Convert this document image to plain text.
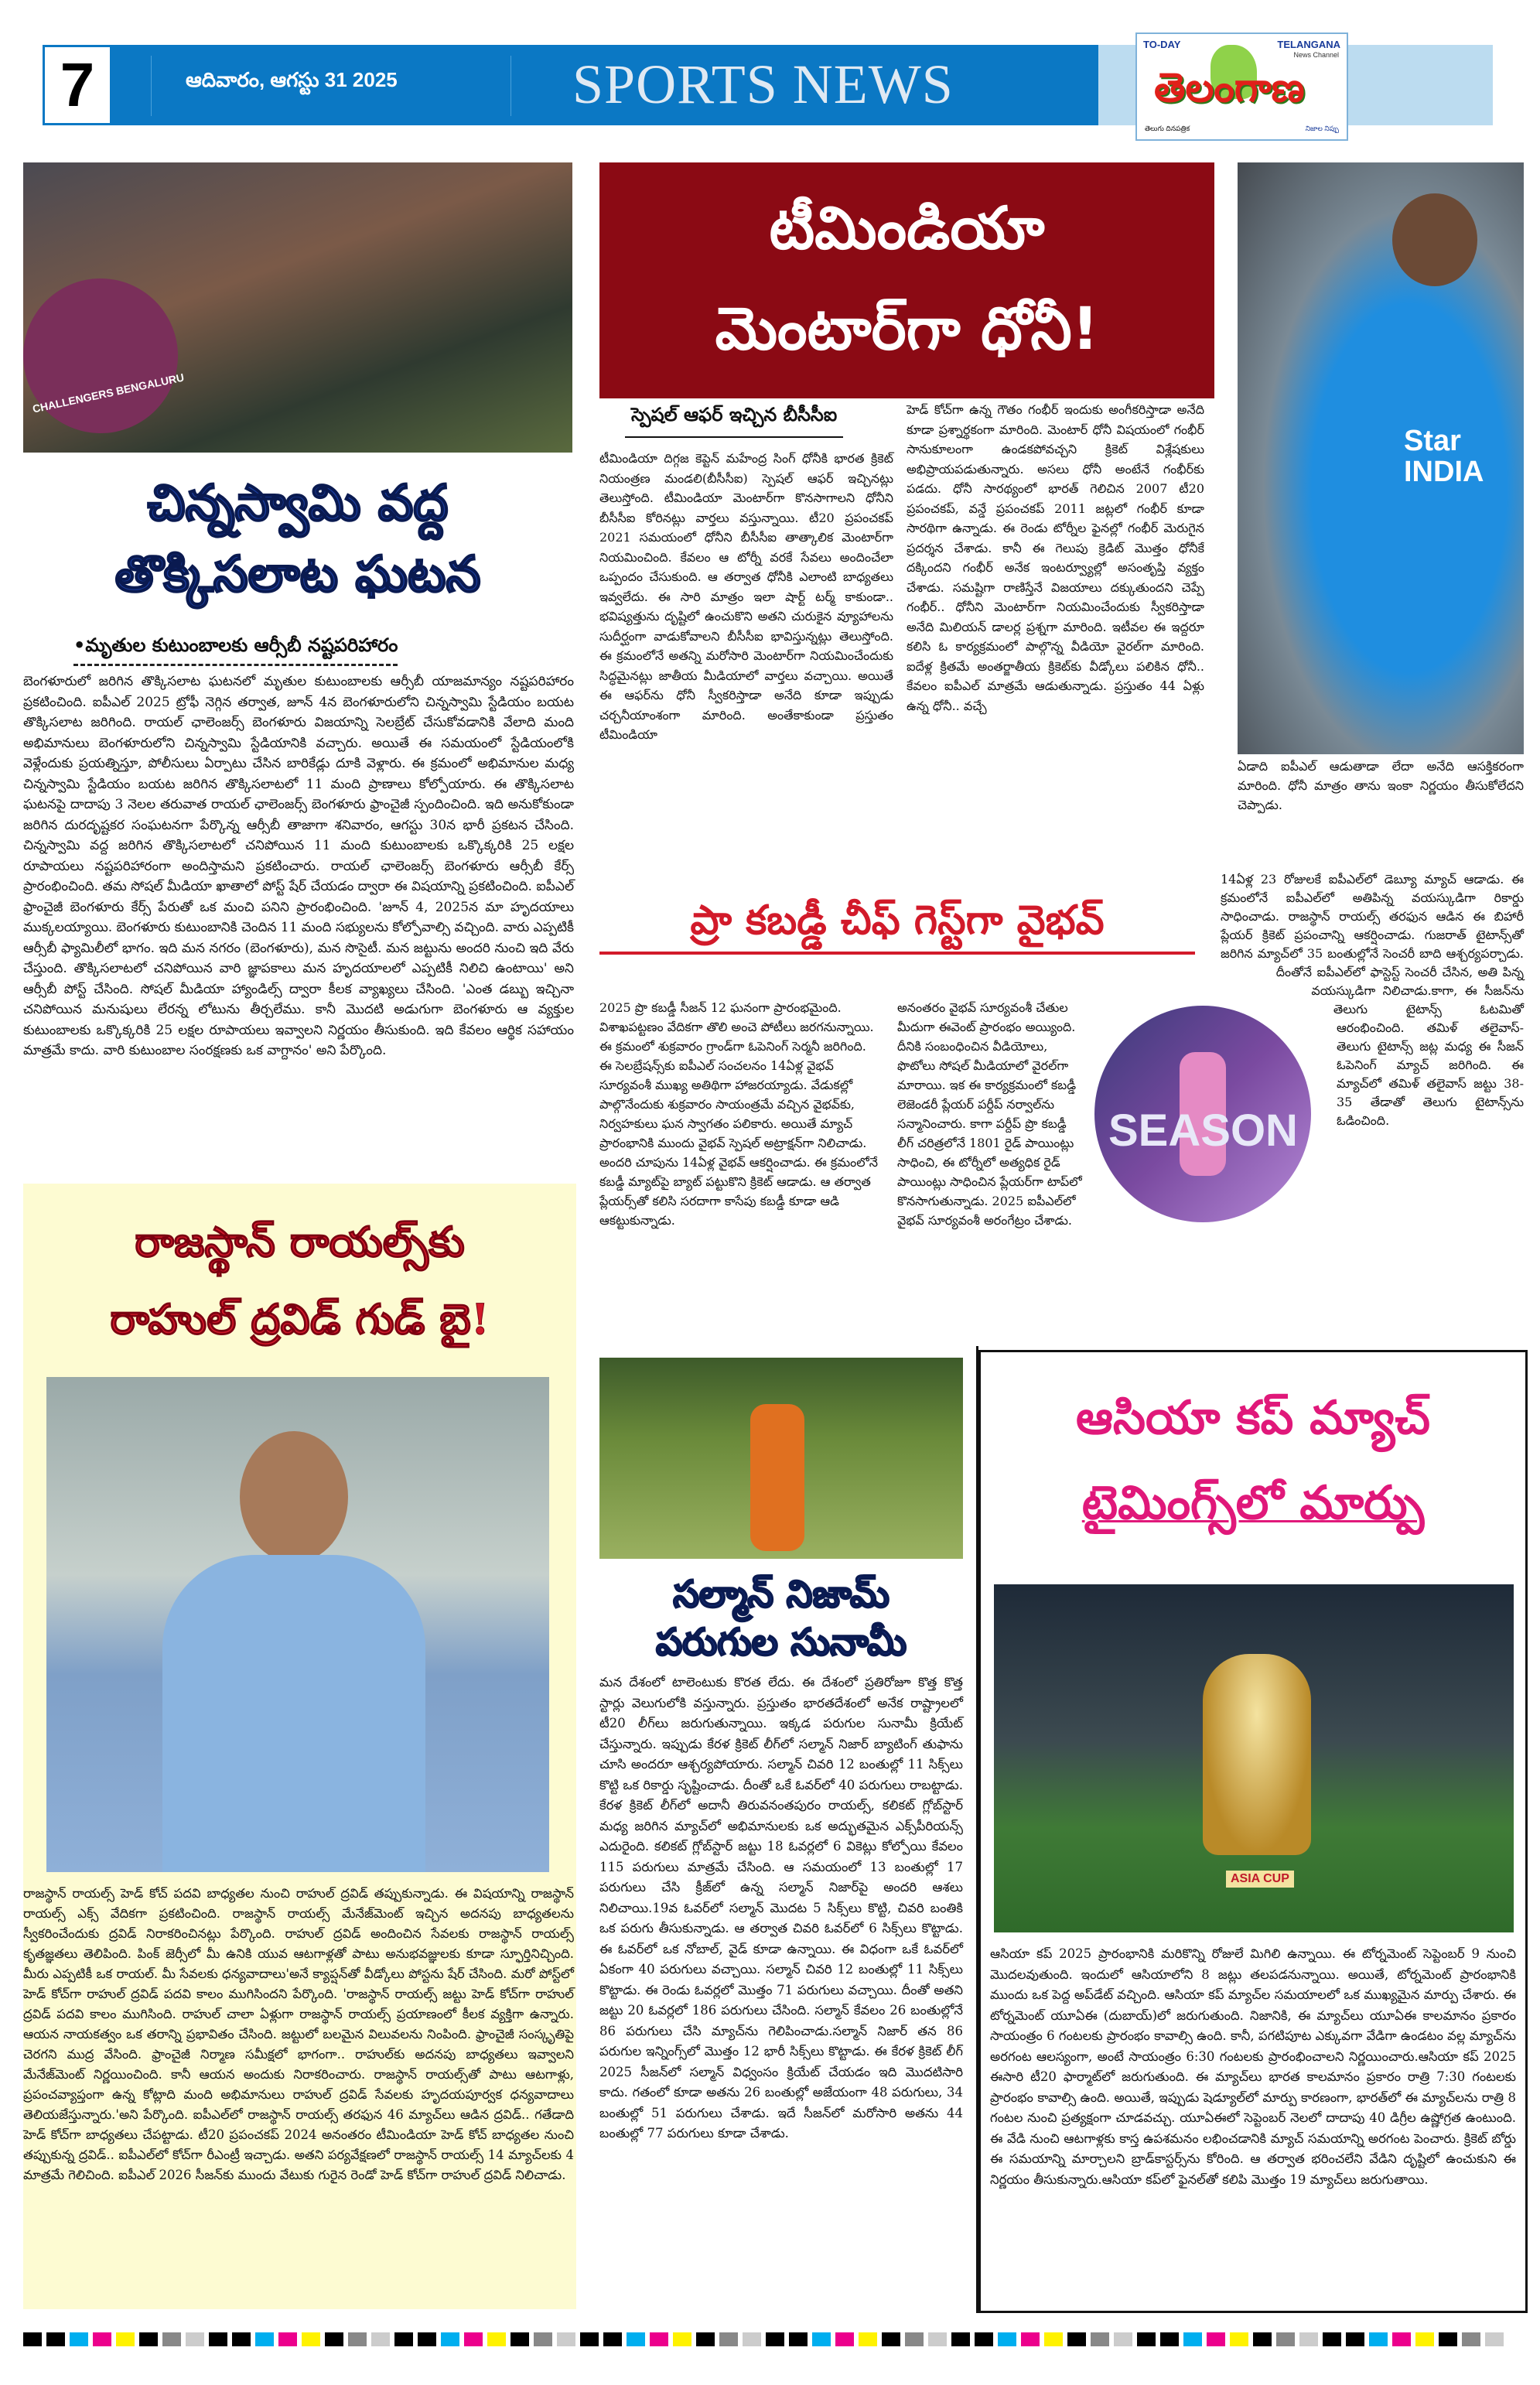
7	ఆదివారం, ఆగస్టు 31 2025	SPORTS NEWS
TO-DAY	TELANGANA
News Channel
తెలంగాణ
తెలుగు దినపత్రిక	నిజాల నిప్పు
CHALLENGERS BENGALURU
చిన్నస్వామి వద్ద
తొక్కిసలాట ఘటన
•మృతుల కుటుంబాలకు ఆర్సీబీ నష్టపరిహారం
బెంగళూరులో జరిగిన తొక్కిసలాట ఘటనలో మృతుల కుటుంబాలకు ఆర్సీబీ యాజమాన్యం నష్టపరిహారం ప్రకటించింది. ఐపీఎల్ 2025 ట్రోఫీ నెగ్గిన తర్వాత, జూన్ 4న బెంగళూరులోని చిన్నస్వామి స్టేడియం బయట తొక్కిసలాట జరిగింది. రాయల్ ఛాలెంజర్స్ బెంగళూరు విజయాన్ని సెలబ్రేట్ చేసుకోవడానికి వేలాది మంది అభిమానులు బెంగళూరులోని చిన్నస్వామి స్టేడియానికి వచ్చారు. అయితే ఈ సమయంలో స్టేడియంలోకి వెళ్లేందుకు ప్రయత్నిస్తూ, పోలీసులు ఏర్పాటు చేసిన బారికేడ్లు దూకి వెళ్లారు. ఈ క్రమంలో అభిమానుల మధ్య చిన్నస్వామి స్టేడియం బయట జరిగిన తొక్కిసలాటలో 11 మంది ప్రాణాలు కోల్పోయారు. ఈ తొక్కిసలాట ఘటనపై దాదాపు 3 నెలల తరువాత రాయల్ ఛాలెంజర్స్ బెంగళూరు ఫ్రాంచైజీ స్పందించింది. ఇది అనుకోకుండా జరిగిన దురదృష్టకర సంఘటనగా పేర్కొన్న ఆర్సీబీ తాజాగా శనివారం, ఆగస్టు 30న భారీ ప్రకటన చేసింది. చిన్నస్వామి వద్ద జరిగిన తొక్కిసలాటలో చనిపోయిన 11 మంది కుటుంబాలకు ఒక్కొక్కరికి 25 లక్షల రూపాయలు నష్టపరిహారంగా అందిస్తామని ప్రకటించారు. రాయల్ ఛాలెంజర్స్ బెంగళూరు ఆర్సీబీ కేర్స్ ప్రారంభించింది. తమ సోషల్ మీడియా ఖాతాలో పోస్ట్ షేర్ చేయడం ద్వారా ఈ విషయాన్ని ప్రకటించింది. ఐపీఎల్ ఫ్రాంచైజీ బెంగళూరు కేర్స్ పేరుతో ఒక మంచి పనిని ప్రారంభించింది. 'జూన్ 4, 2025న మా హృదయాలు ముక్కలయ్యాయి. బెంగళూరు కుటుంబానికి చెందిన 11 మంది సభ్యులను కోల్పోవాల్సి వచ్చింది. వారు ఎప్పటికీ ఆర్సీబీ ఫ్యామిలీలో భాగం. ఇది మన నగరం (బెంగళూరు), మన సొసైటీ. మన జట్టును అందరి నుంచి ఇది వేరు చేస్తుంది. తొక్కిసలాటలో చనిపోయిన వారి జ్ఞాపకాలు మన హృదయాలలో ఎప్పటికీ నిలిచి ఉంటాయి' అని ఆర్సీబీ పోస్ట్ చేసింది. సోషల్ మీడియా హ్యాండిల్స్ ద్వారా కీలక వ్యాఖ్యలు చేసింది. 'ఎంత డబ్బు ఇచ్చినా చనిపోయిన మనుషులు లేరన్న లోటును తీర్చలేము. కానీ మొదటి అడుగుగా బెంగళూరు ఆ వ్యక్తుల కుటుంబాలకు ఒక్కొక్కరికి 25 లక్షల రూపాయలు ఇవ్వాలని నిర్ణయం తీసుకుంది. ఇది కేవలం ఆర్థిక సహాయం మాత్రమే కాదు. వారి కుటుంబాల సంరక్షణకు ఒక వాగ్దానం' అని పేర్కొంది.
టీమిండియా
మెంటార్‌గా ధోనీ!
స్పెషల్ ఆఫర్ ఇచ్చిన బీసీసీఐ
టీమిండియా దిగ్గజ కెప్టెన్ మహేంద్ర సింగ్ ధోనీకి భారత క్రికెట్ నియంత్రణ మండలి(బీసీసీఐ) స్పెషల్ ఆఫర్ ఇచ్చినట్లు తెలుస్తోంది. టీమిండియా మెంటార్‌గా కొనసాగాలని ధోనీని బీసీసీఐ కోరినట్లు వార్తలు వస్తున్నాయి. టీ20 ప్రపంచకప్ 2021 సమయంలో ధోనీని బీసీసీఐ తాత్కాలిక మెంటార్‌గా నియమించింది. కేవలం ఆ టోర్నీ వరకే సేవలు అందించేలా ఒప్పందం చేసుకుంది. ఆ తర్వాత ధోనీకి ఎలాంటి బాధ్యతలు ఇవ్వలేదు. ఈ సారి మాత్రం ఇలా షార్ట్ టర్మ్ కాకుండా.. భవిష్యత్తును దృష్టిలో ఉంచుకొని అతని చురుకైన వ్యూహాలను సుదీర్ఘంగా వాడుకోవాలని బీసీసీఐ భావిస్తున్నట్లు తెలుస్తోంది. ఈ క్రమంలోనే అతన్ని మరోసారి మెంటార్‌గా నియమించేందుకు సిద్ధమైనట్లు జాతీయ మీడియాలో వార్తలు వచ్చాయి. అయితే ఈ ఆఫర్‌ను ధోనీ స్వీకరిస్తాడా అనేది కూడా ఇప్పుడు చర్చనీయాంశంగా మారింది. అంతేకాకుండా ప్రస్తుతం టీమిండియా
హెడ్ కోచ్‌గా ఉన్న గౌతం గంభీర్ ఇందుకు అంగీకరిస్తాడా అనేది కూడా ప్రశ్నార్థకంగా మారింది. మెంటార్ ధోనీ విషయంలో గంభీర్ సానుకూలంగా ఉండకపోవచ్చని క్రికెట్ విశ్లేషకులు అభిప్రాయపడుతున్నారు. అసలు ధోనీ అంటేనే గంభీర్‌కు పడదు. ధోనీ సారథ్యంలో భారత్ గెలిచిన 2007 టీ20 ప్రపంచకప్, వన్డే ప్రపంచకప్ 2011 జట్లలో గంభీర్ కూడా సారథిగా ఉన్నాడు. ఈ రెండు టోర్నీల ఫైనల్లో గంభీర్ మెరుగైన ప్రదర్శన చేశాడు. కానీ ఈ గెలుపు క్రెడిట్ మొత్తం ధోనీకే దక్కిందని గంభీర్ అనేక ఇంటర్వ్యూల్లో అసంతృప్తి వ్యక్తం చేశాడు. సమష్టిగా రాణిస్తేనే విజయాలు దక్కుతుందని చెప్పే గంభీర్.. ధోనీని మెంటార్‌గా నియమించేందుకు స్వీకరిస్తాడా అనేది మిలియన్ డాలర్ల ప్రశ్నగా మారింది. ఇటీవల ఈ ఇద్దరూ కలిసి ఓ కార్యక్రమంలో పాల్గొన్న వీడియో వైరల్‌గా మారింది. ఐదేళ్ల క్రితమే అంతర్జాతీయ క్రికెట్‌కు వీడ్కోలు పలికిన ధోనీ.. కేవలం ఐపీఎల్ మాత్రమే ఆడుతున్నాడు. ప్రస్తుతం 44 ఏళ్లు ఉన్న ధోనీ.. వచ్చే
Star INDIA
ఏడాది ఐపీఎల్ ఆడుతాడా లేదా అనేది ఆసక్తికరంగా మారింది. ధోనీ మాత్రం తాను ఇంకా నిర్ణయం తీసుకోలేదని చెప్పాడు.
ప్రా కబడ్డీ చీఫ్ గెస్ట్‌గా వైభవ్
2025 ప్రొ కబడ్డీ సీజన్ 12 ఘనంగా ప్రారంభమైంది. విశాఖపట్టణం వేదికగా తొలి అంచె పోటీలు జరగనున్నాయి. ఈ క్రమంలో శుక్రవారం గ్రాండ్‌గా ఓపెనింగ్ సెర్మనీ జరిగింది. ఈ సెలబ్రేషన్స్‌కు ఐపీఎల్ సంచలనం 14ఏళ్ల వైభవ్ సూర్యవంశీ ముఖ్య అతిథిగా హాజరయ్యాడు. వేడుకల్లో పాల్గొనేందుకు శుక్రవారం సాయంత్రమే వచ్చిన వైభవ్‌కు, నిర్వహకులు ఘన స్వాగతం పలికారు. అయితే మ్యాచ్ ప్రారంభానికి ముందు వైభవ్ స్పెషల్ అట్రాక్షన్‌గా నిలిచాడు. అందరి చూపును 14ఏళ్ల వైభవ్ ఆకర్షించాడు. ఈ క్రమంలోనే కబడ్డీ మ్యాట్‌పై బ్యాట్ పట్టుకొని క్రికెట్ ఆడాడు. ఆ తర్వాత ప్లేయర్స్‌తో కలిసి సరదాగా కాసేపు కబడ్డీ కూడా ఆడి ఆకట్టుకున్నాడు.
అనంతరం వైభవ్ సూర్యవంశీ చేతుల మీదుగా ఈవెంట్ ప్రారంభం అయ్యింది. దీనికి సంబంధించిన వీడియోలు, ఫొటోలు సోషల్ మీడియాలో వైరల్‌గా మారాయి. ఇక ఈ కార్యక్రమంలో కబడ్డీ లెజెండరీ ప్లేయర్ పర్దీప్ నర్వాల్‌ను సన్మానించారు. కాగా పర్దీప్ ప్రొ కబడ్డీ లీగ్ చరిత్రలోనే 1801 రైడ్ పాయింట్లు సాధించి, ఈ టోర్నీలో అత్యధిక రైడ్ పాయింట్లు సాధించిన ప్లేయర్‌గా టాప్‌లో కొనసాగుతున్నాడు. 2025 ఐపీఎల్‌లో వైభవ్ సూర్యవంశీ అరంగేట్రం చేశాడు.
SEASON
14ఏళ్ల 23 రోజులకే ఐపీఎల్‌లో డెబ్యూ మ్యాచ్ ఆడాడు. ఈ క్రమంలోనే ఐపీఎల్‌లో అతిపిన్న వయస్కుడిగా రికార్డు సాధించాడు. రాజస్థాన్ రాయల్స్ తరఫున ఆడిన ఈ బిహారీ ప్లేయర్ క్రికెట్ ప్రపంచాన్ని ఆకర్షించాడు. గుజరాత్ టైటాన్స్‌తో జరిగిన మ్యాచ్‌లో 35 బంతుల్లోనే సెంచరీ బాది ఆశ్చర్యపర్చాడు. దీంతోనే ఐపీఎల్‌లో ఫాస్టెస్ట్ సెంచరీ చేసిన, అతి పిన్న వయస్కుడిగా నిలిచాడు.కాగా, ఈ సీజన్‌ను తెలుగు టైటాన్స్ ఓటమితో ఆరంభించింది. తమిళ్ తలైవాస్- తెలుగు టైటాన్స్ జట్ల మధ్య ఈ సీజన్ ఓపెనింగ్ మ్యాచ్ జరిగింది. ఈ మ్యాచ్‌లో తమిళ్ తలైవాస్ జట్టు 38- 35 తేడాతో తెలుగు టైటాన్స్‌ను ఓడించింది.
రాజస్థాన్ రాయల్స్‌కు
రాహుల్ ద్రవిడ్ గుడ్ బై!
రాజస్థాన్ రాయల్స్ హెడ్ కోచ్ పదవి బాధ్యతల నుంచి రాహుల్ ద్రవిడ్ తప్పుకున్నాడు. ఈ విషయాన్ని రాజస్థాన్ రాయల్స్ ఎక్స్ వేదికగా ప్రకటించింది. రాజస్థాన్ రాయల్స్ మేనేజ్‌మెంట్ ఇచ్చిన అదనపు బాధ్యతలను స్వీకరించేందుకు ద్రవిడ్ నిరాకరించినట్లు పేర్కొంది. రాహుల్ ద్రవిడ్ అందించిన సేవలకు రాజస్థాన్ రాయల్స్ కృతజ్ఞతలు తెలిపింది. పింక్ జెర్సీలో మీ ఉనికి యువ ఆటగాళ్లతో పాటు అనుభవజ్ఞులకు కూడా స్ఫూర్తినిచ్చింది. మీరు ఎప్పటికీ ఒక రాయల్. మీ సేవలకు ధన్యవాదాలు'అనే క్యాప్షన్‌తో వీడ్కోలు పోస్టను షేర్ చేసింది. మరో పోస్ట్‌లో హెడ్ కోచ్‌గా రాహుల్ ద్రవిడ్ పదవి కాలం ముగిసిందని పేర్కొంది. 'రాజస్థాన్ రాయల్స్ జట్టు హెడ్ కోచ్‌గా రాహుల్ ద్రవిడ్ పదవి కాలం ముగిసింది. రాహుల్ చాలా ఏళ్లుగా రాజస్థాన్ రాయల్స్ ప్రయాణంలో కీలక వ్యక్తిగా ఉన్నారు. ఆయన నాయకత్వం ఒక తరాన్ని ప్రభావితం చేసింది. జట్టులో బలమైన విలువలను నింపింది. ఫ్రాంచైజీ సంస్కృతిపై చెరగని ముద్ర వేసింది. ఫ్రాంచైజీ నిర్మాణ సమీక్షలో భాగంగా.. రాహుల్‌కు అదనపు బాధ్యతలు ఇవ్వాలని మేనేజ్‌మెంట్ నిర్ణయించింది. కానీ ఆయన అందుకు నిరాకరించారు. రాజస్థాన్ రాయల్స్‌తో పాటు ఆటగాళ్లు, ప్రపంచవ్యాప్తంగా ఉన్న కోట్లాది మంది అభిమానులు రాహుల్ ద్రవిడ్ సేవలకు హృదయపూర్వక ధన్యవాదాలు తెలియజేస్తున్నారు.'అని పేర్కొంది. ఐపీఎల్‌లో రాజస్థాన్ రాయల్స్ తరఫున 46 మ్యాచ్‌లు ఆడిన ద్రవిడ్.. గతేడాది హెడ్ కోచ్‌గా బాధ్యతలు చేపట్టాడు. టీ20 ప్రపంచకప్ 2024 అనంతరం టీమిండియా హెడ్ కోచ్ బాధ్యతల నుంచి తప్పుకున్న ద్రవిడ్.. ఐపీఎల్‌లో కోచ్‌గా రీఎంట్రీ ఇచ్చాడు. అతని పర్యవేక్షణలో రాజస్థాన్ రాయల్స్ 14 మ్యాచ్‌లకు 4 మాత్రమే గెలిచింది. ఐపీఎల్ 2026 సీజన్‌కు ముందు వేటుకు గురైన రెండో హెడ్ కోచ్‌గా రాహుల్ ద్రవిడ్ నిలిచాడు.
సల్మాన్ నిజామ్
పరుగుల సునామీ
మన దేశంలో టాలెంటుకు కొరత లేదు. ఈ దేశంలో ప్రతిరోజూ కొత్త కొత్త స్టార్లు వెలుగులోకి వస్తున్నారు. ప్రస్తుతం భారతదేశంలో అనేక రాష్ట్రాలలో టీ20 లీగ్‌లు జరుగుతున్నాయి. ఇక్కడ పరుగుల సునామీ క్రియేట్ చేస్తున్నారు. ఇప్పుడు కేరళ క్రికెట్ లీగ్‌లో సల్మాన్ నిజార్ బ్యాటింగ్ తుఫాను చూసి అందరూ ఆశ్చర్యపోయారు. సల్మాన్ చివరి 12 బంతుల్లో 11 సిక్స్‌లు కొట్టి ఒక రికార్డు సృష్టించాడు. దీంతో ఒకే ఓవర్‌లో 40 పరుగులు రాబట్టాడు. కేరళ క్రికెట్ లీగ్‌లో అదానీ తిరువనంతపురం రాయల్స్, కలికట్ గ్లోబ్‌స్టార్ మధ్య జరిగిన మ్యాచ్‌లో అభిమానులకు ఒక అద్భుతమైన ఎక్స్‌పీరియన్స్ ఎదురైంది. కలికట్ గ్లోబ్‌స్టార్ జట్టు 18 ఓవర్లలో 6 వికెట్లు కోల్పోయి కేవలం 115 పరుగులు మాత్రమే చేసింది. ఆ సమయంలో 13 బంతుల్లో 17 పరుగులు చేసి క్రీజ్‌లో ఉన్న సల్మాన్ నిజార్‌పై అందరి ఆశలు నిలిచాయి.19వ ఓవర్‌లో సల్మాన్ మొదట 5 సిక్స్‌లు కొట్టి, చివరి బంతికి ఒక పరుగు తీసుకున్నాడు. ఆ తర్వాత చివరి ఓవర్‌లో 6 సిక్స్‌లు కొట్టాడు. ఈ ఓవర్‌లో ఒక నోబాల్, వైడ్ కూడా ఉన్నాయి. ఈ విధంగా ఒకే ఓవర్‌లో ఏకంగా 40 పరుగులు వచ్చాయి. సల్మాన్ చివరి 12 బంతుల్లో 11 సిక్స్‌లు కొట్టాడు. ఈ రెండు ఓవర్లలో మొత్తం 71 పరుగులు వచ్చాయి. దీంతో అతని జట్టు 20 ఓవర్లలో 186 పరుగులు చేసింది. సల్మాన్ కేవలం 26 బంతుల్లోనే 86 పరుగులు చేసి మ్యాచ్‌ను గెలిపించాడు.సల్మాన్ నిజార్ తన 86 పరుగుల ఇన్నింగ్స్‌లో మొత్తం 12 భారీ సిక్స్‌లు కొట్టాడు. ఈ కేరళ క్రికెట్ లీగ్ 2025 సీజన్‌లో సల్మాన్ విధ్వంసం క్రియేట్ చేయడం ఇది మొదటిసారి కాదు. గతంలో కూడా అతను 26 బంతుల్లో అజేయంగా 48 పరుగులు, 34 బంతుల్లో 51 పరుగులు చేశాడు. ఇదే సీజన్‌లో మరోసారి అతను 44 బంతుల్లో 77 పరుగులు కూడా చేశాడు.
ఆసియా కప్ మ్యాచ్
టైమింగ్స్‌లో మార్పు
ASIA CUP
ఆసియా కప్ 2025 ప్రారంభానికి మరికొన్ని రోజులే మిగిలి ఉన్నాయి. ఈ టోర్నమెంట్ సెప్టెంబర్ 9 నుంచి మొదలవుతుంది. ఇందులో ఆసియాలోని 8 జట్లు తలపడనున్నాయి. అయితే, టోర్నమెంట్ ప్రారంభానికి ముందు ఒక పెద్ద అప్‌డేట్ వచ్చింది. ఆసియా కప్ మ్యాచ్‌ల సమయాలలో ఒక ముఖ్యమైన మార్పు చేశారు. ఈ టోర్నమెంట్ యూఏఈ (దుబాయ్)లో జరుగుతుంది. నిజానికి, ఈ మ్యాచ్‌లు యూఏఈ కాలమానం ప్రకారం సాయంత్రం 6 గంటలకు ప్రారంభం కావాల్సి ఉంది. కానీ, పగటిపూట ఎక్కువగా వేడిగా ఉండటం వల్ల మ్యాచ్‌ను అరగంట ఆలస్యంగా, అంటే సాయంత్రం 6:30 గంటలకు ప్రారంభించాలని నిర్ణయించారు.ఆసియా కప్ 2025 ఈసారి టీ20 ఫార్మాట్‌లో జరుగుతుంది. ఈ మ్యాచ్‌లు భారత కాలమానం ప్రకారం రాత్రి 7:30 గంటలకు ప్రారంభం కావాల్సి ఉంది. అయితే, ఇప్పుడు షెడ్యూల్‌లో మార్పు కారణంగా, భారత్‌లో ఈ మ్యాచ్‌లను రాత్రి 8 గంటల నుంచి ప్రత్యక్షంగా చూడవచ్చు. యూఏఈలో సెప్టెంబర్ నెలలో దాదాపు 40 డిగ్రీల ఉష్ణోగ్రత ఉంటుంది. ఈ వేడి నుంచి ఆటగాళ్లకు కాస్త ఉపశమనం లభించడానికి మ్యాచ్ సమయాన్ని అరగంట పెంచారు. క్రికెట్ బోర్డు ఈ సమయాన్ని మార్చాలని బ్రాడ్‌కాస్టర్స్‌ను కోరింది. ఆ తర్వాత భరించలేని వేడిని దృష్టిలో ఉంచుకుని ఈ నిర్ణయం తీసుకున్నారు.ఆసియా కప్‌లో ఫైనల్‌తో కలిపి మొత్తం 19 మ్యాచ్‌లు జరుగుతాయి.
